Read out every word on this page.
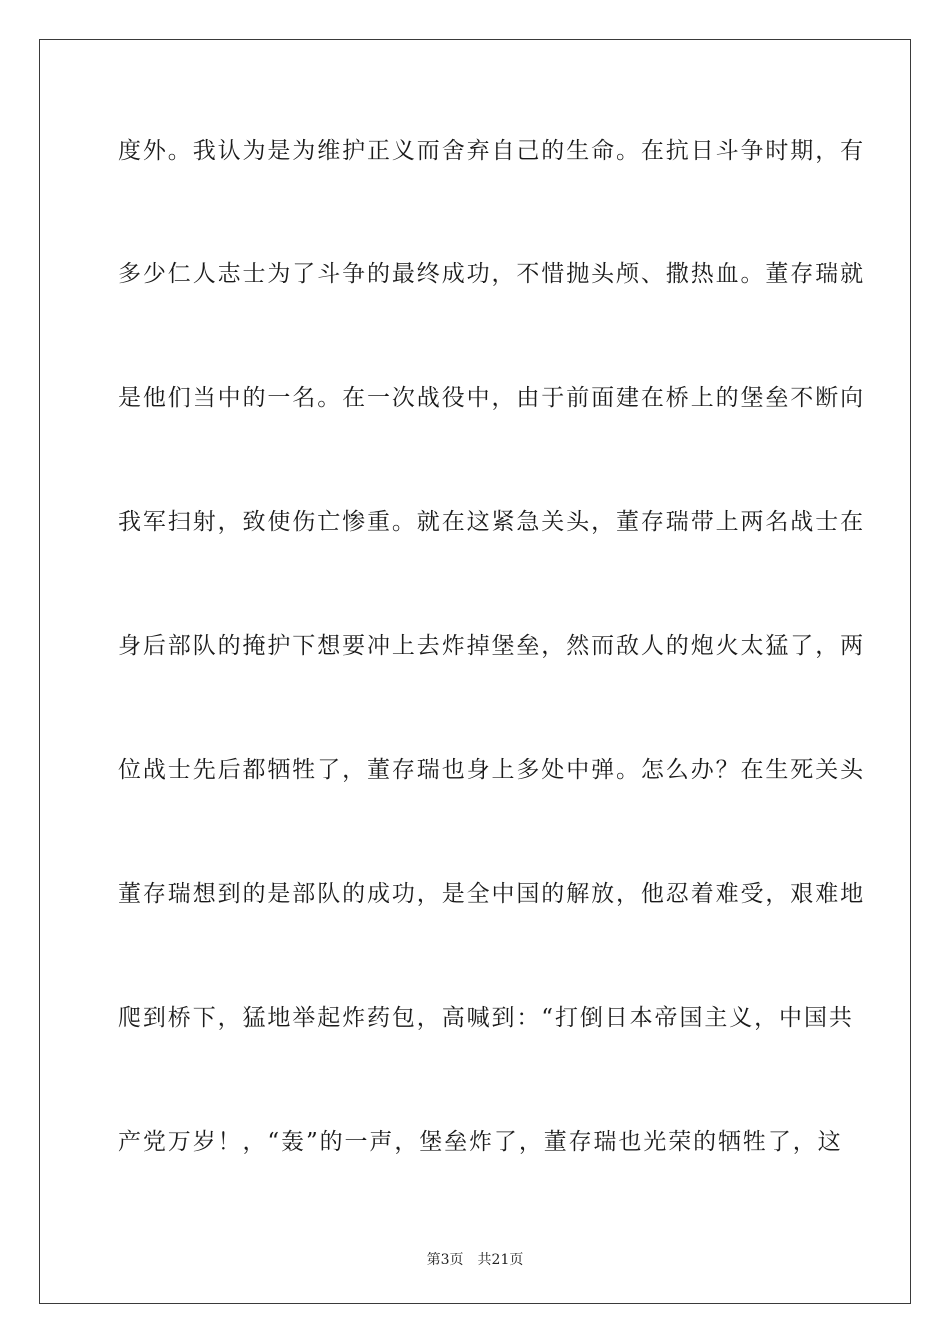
度外。我认为是为维护正义而舍弃自己的生命。在抗日斗争时期，有
多少仁人志士为了斗争的最终成功，不惜抛头颅、撒热血。董存瑞就
是他们当中的一名。在一次战役中，由于前面建在桥上的堡垒不断向
我军扫射，致使伤亡惨重。就在这紧急关头，董存瑞带上两名战士在
身后部队的掩护下想要冲上去炸掉堡垒，然而敌人的炮火太猛了，两
位战士先后都牺牲了，董存瑞也身上多处中弹。怎么办？在生死关头
董存瑞想到的是部队的成功，是全中国的解放，他忍着难受，艰难地
爬到桥下，猛地举起炸药包，高喊到：“打倒日本帝国主义，中国共
产党万岁！，“轰”的一声，堡垒炸了，董存瑞也光荣的牺牲了，这
第3页 共21页
